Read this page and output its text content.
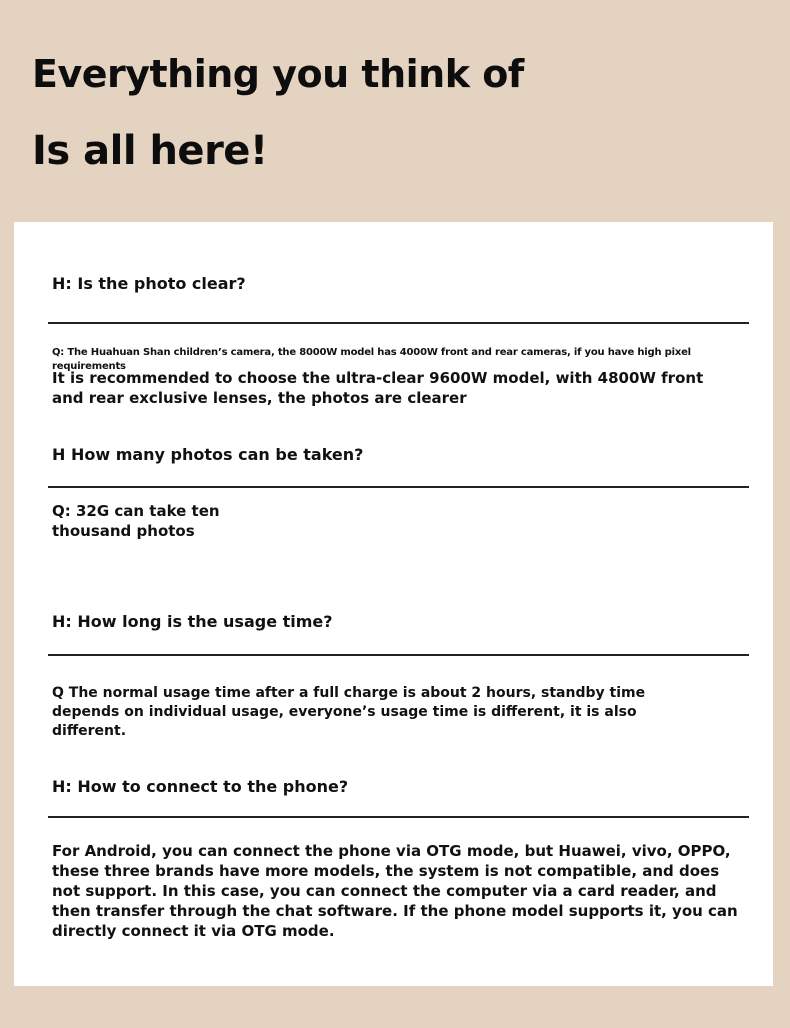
Everything you think of
Is all here!

H: Is the photo clear?

Q: The Huahuan Shan children’s camera, the 8000W model has 4000W front and rear cameras, if you have high pixel requirements

It is recommended to choose the ultra-clear 9600W model, with 4800W front and rear exclusive lenses, the photos are clearer

H How many photos can be taken?

Q: 32G can take ten

thousand photos

H: How long is the usage time?

Q The normal usage time after a full charge is about 2 hours, standby time depends on individual usage, everyone’s usage time is different, it is also different.

H: How to connect to the phone?

For Android, you can connect the phone via OTG mode, but Huawei, vivo, OPPO, these three brands have more models, the system is not compatible, and does not support. In this case, you can connect the computer via a card reader, and then transfer through the chat software. If the phone model supports it, you can directly connect it via OTG mode.
